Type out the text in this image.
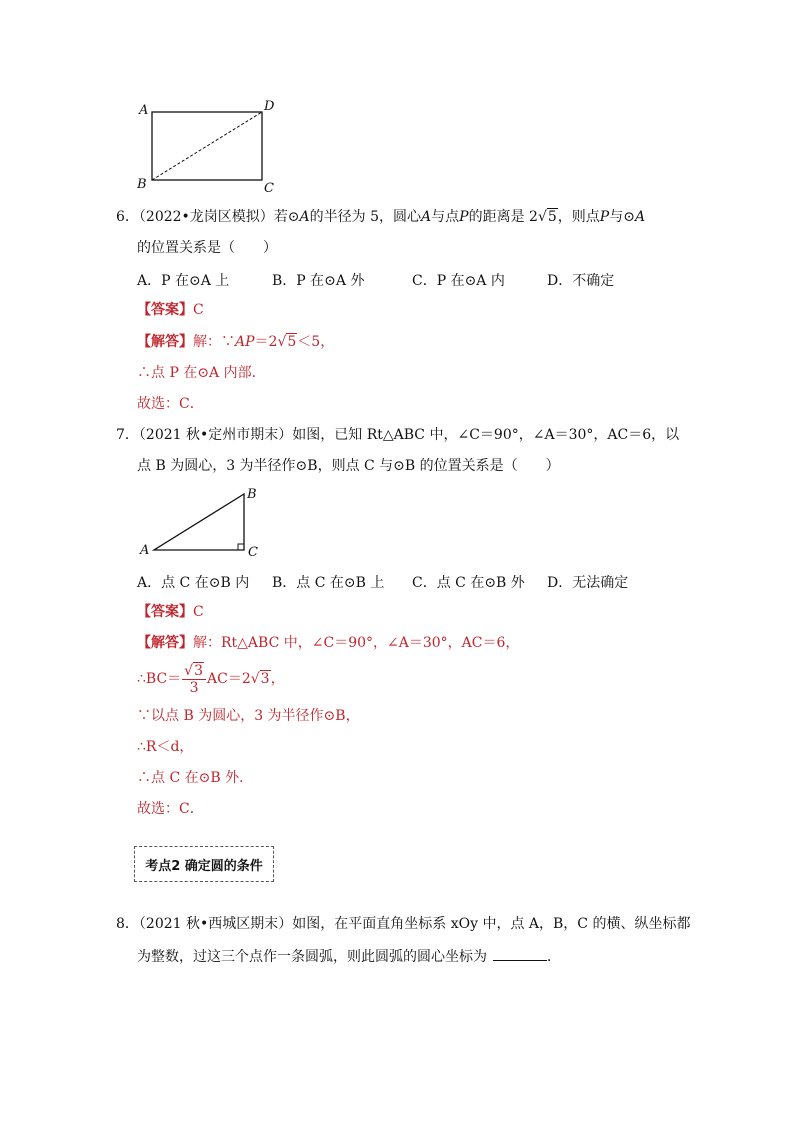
A	D
B	C
6．（2022•龙岗区模拟）若⊙A的半径为 5，圆心A与点P的距离是 2√5，则点P与⊙A
的位置关系是（　　）
A．P 在⊙A 上	B．P 在⊙A 外	C．P 在⊙A 内	D．不确定
【答案】C
【解答】解：∵AP＝2√5＜5，
∴点 P 在⊙A 内部．
故选：C．
7．（2021 秋•定州市期末）如图，已知 Rt△ABC 中，∠C＝90°，∠A＝30°，AC＝6，以
点 B 为圆心，3 为半径作⊙B，则点 C 与⊙B 的位置关系是（　　）
A
B
C
A．点 C 在⊙B 内 B．点 C 在⊙B 上 C．点 C 在⊙B 外 D．无法确定
【答案】C
【解答】解：Rt△ABC 中，∠C＝90°，∠A＝30°，AC＝6，
∴BC＝ $\frac{√3}{3} AC=2√3$，
∵以点 B 为圆心，3 为半径作⊙B，
∴R＜d，
∴点 C 在⊙B 外．
故选：C．
考点2 确定圆的条件
8．（2021 秋•西城区期末）如图，在平面直角坐标系 xOy 中，点 A，B，C 的横、纵坐标都
为整数，过这三个点作一条圆弧，则此圆弧的圆心坐标为	．
